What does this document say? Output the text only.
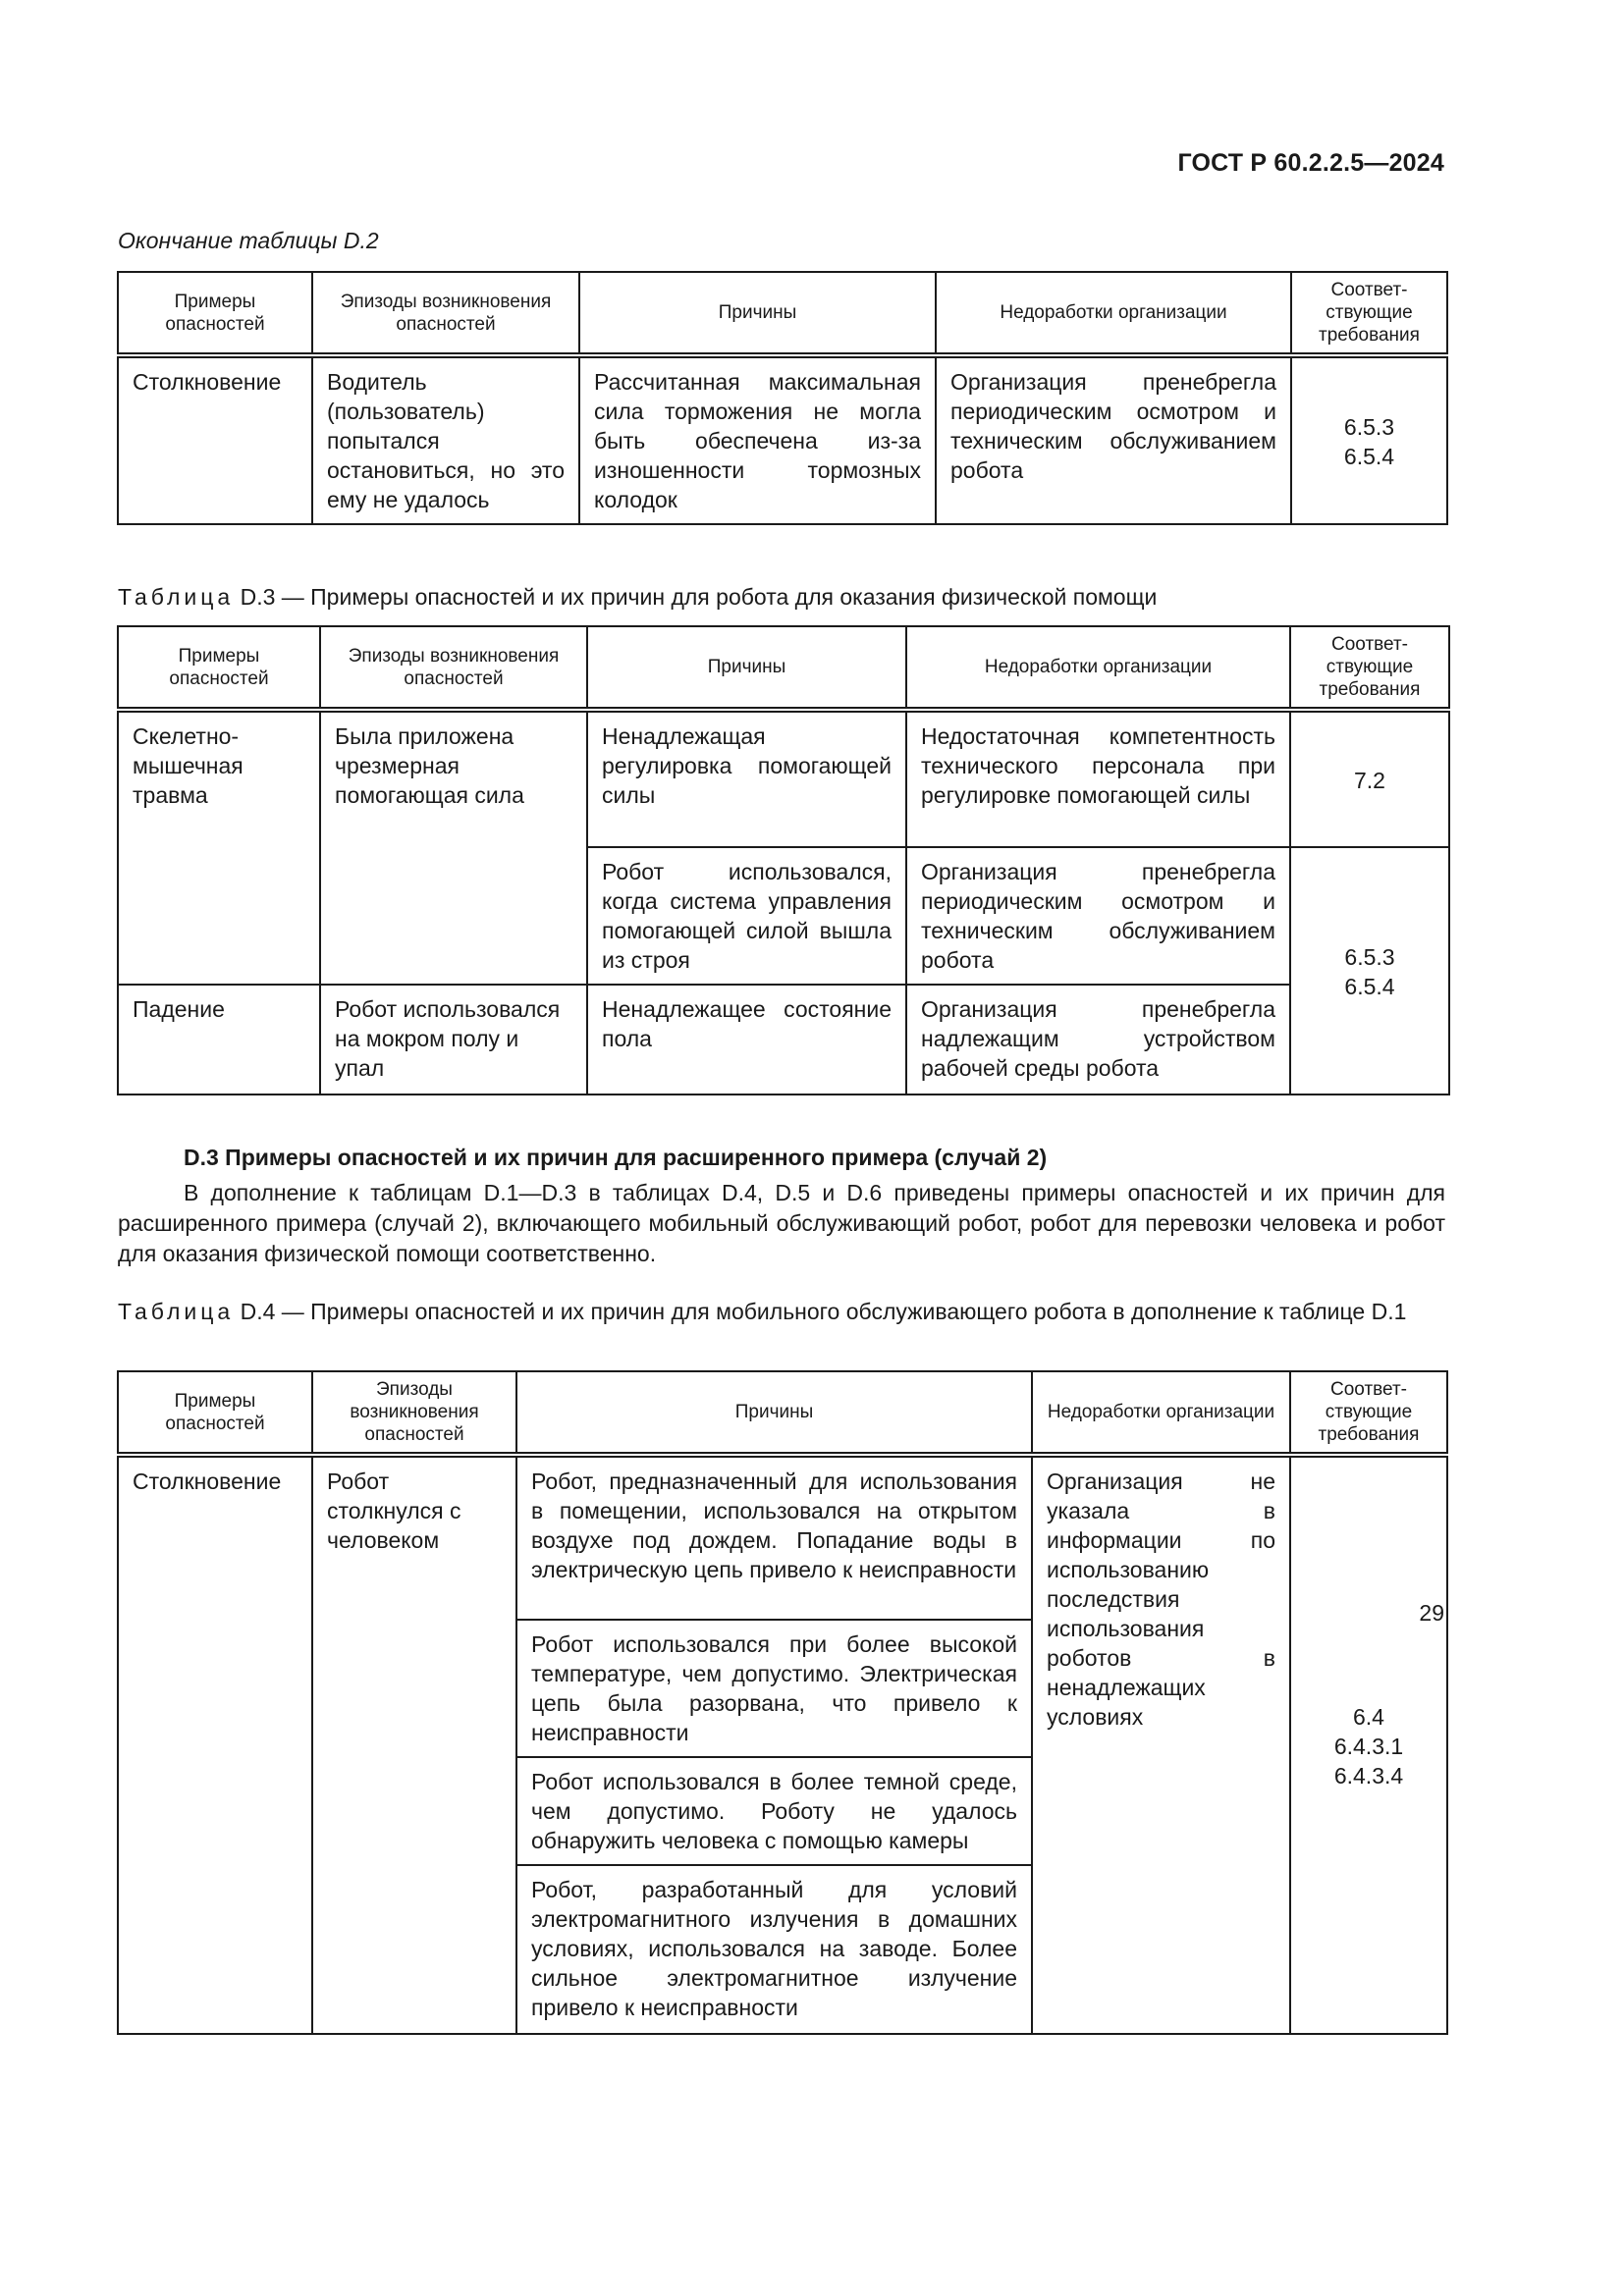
ГОСТ Р 60.2.2.5—2024
Окончание таблицы D.2
Примеры опасностей	Эпизоды возникновения опасностей	Причины	Недоработки организации	Соответ-ствующие требования
Столкновение	Водитель (пользователь) попытался остановиться, но это ему не удалось	Рассчитанная максимальная сила торможения не могла быть обеспечена из-за изношенности тормозных колодок	Организация пренебрегла периодическим осмотром и техническим обслуживанием робота	6.5.3
6.5.4
Таблица D.3 — Примеры опасностей и их причин для робота для оказания физической помощи
Примеры опасностей	Эпизоды возникновения опасностей	Причины	Недоработки организации	Соответ-ствующие требования
Скелетно-мышечная травма	Была приложена чрезмерная помогающая сила	Ненадлежащая регулировка помогающей силы	Недостаточная компетентность технического персонала при регулировке помогающей силы	7.2
		Робот использовался, когда система управления помогающей силой вышла из строя	Организация пренебрегла периодическим осмотром и техническим обслуживанием робота	6.5.3
6.5.4

Падение	Робот использовался на мокром полу и упал	Ненадлежащее состояние пола	Организация пренебрегла надлежащим устройством рабочей среды робота	
D.3 Примеры опасностей и их причин для расширенного примера (случай 2)
В дополнение к таблицам D.1—D.3 в таблицах D.4, D.5 и D.6 приведены примеры опасностей и их причин для расширенного примера (случай 2), включающего мобильный обслуживающий робот, робот для перевозки человека и робот для оказания физической помощи соответственно.
Таблица D.4 — Примеры опасностей и их причин для мобильного обслуживающего робота в дополнение к таблице D.1
Примеры опасностей	Эпизоды возникновения опасностей	Причины	Недоработки организации	Соответ-ствующие требования
Столкновение	Робот столкнулся с человеком	Робот, предназначенный для использования в помещении, использовался на открытом воздухе под дождем. Попадание воды в электрическую цепь привело к неисправности	Организация не указала в информации по использованию последствия использования роботов в ненадлежащих условиях	6.4
6.4.3.1
6.4.3.4

		Робот использовался при более высокой температуре, чем допустимо. Электрическая цепь была разорвана, что привело к неисправности		
		Робот использовался в более темной среде, чем допустимо. Роботу не удалось обнаружить человека с помощью камеры		
		Робот, разработанный для условий электромагнитного излучения в домашних условиях, использовался на заводе. Более сильное электромагнитное излучение привело к неисправности		
29
